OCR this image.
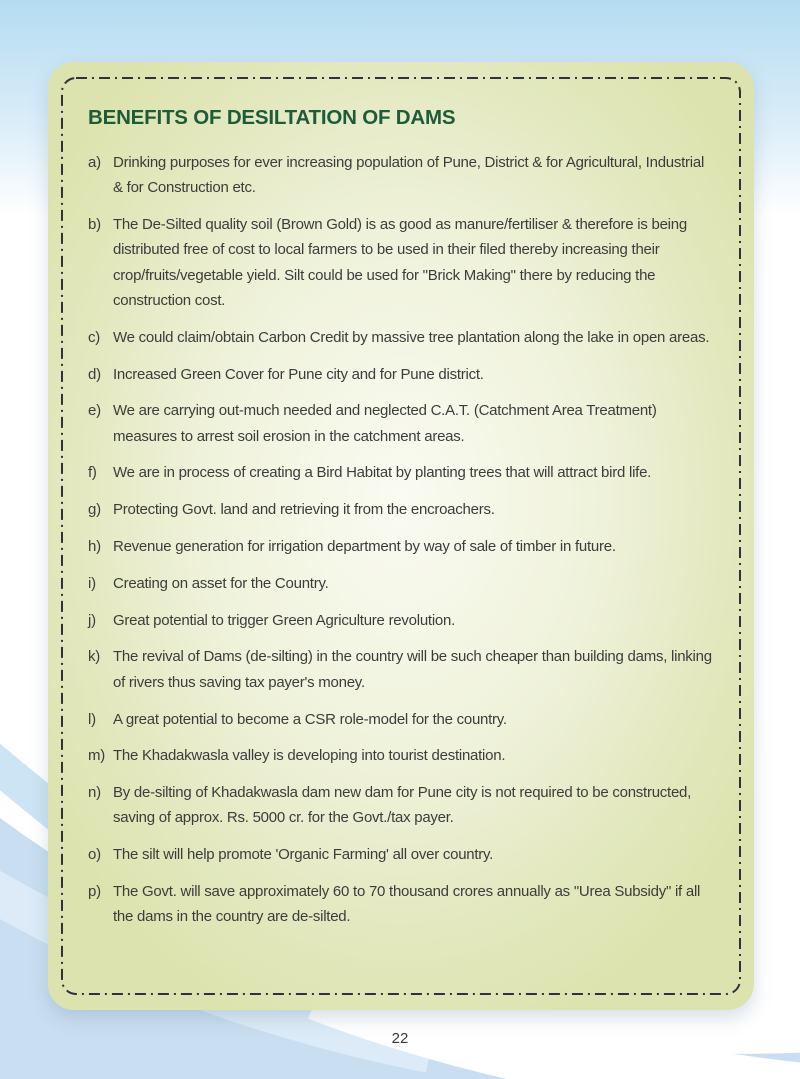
BENEFITS OF DESILTATION OF DAMS
a) Drinking purposes for ever increasing population of Pune, District & for Agricultural, Industrial & for Construction etc.
b) The De-Silted quality soil (Brown Gold) is as good as manure/fertiliser & therefore is being distributed free of cost to local farmers to be used in their filed thereby increasing their crop/fruits/vegetable yield. Silt could be used for "Brick Making" there by reducing the construction cost.
c) We could claim/obtain Carbon Credit by massive tree plantation along the lake in open areas.
d) Increased Green Cover for Pune city and for Pune district.
e) We are carrying out-much needed and neglected C.A.T. (Catchment Area Treatment) measures to arrest soil erosion in the catchment areas.
f)	We are in process of creating a Bird Habitat by planting trees that will attract bird life.
g) Protecting Govt. land and retrieving it from the encroachers.
h) Revenue generation for irrigation department by way of sale of timber in future.
i)	Creating on asset for the Country.
j)	Great potential to trigger Green Agriculture revolution.
k) The revival of Dams (de-silting) in the country will be such cheaper than building dams, linking of rivers thus saving tax payer's money.
l)	A great potential to become a CSR role-model for the country.
m) The Khadakwasla valley is developing into tourist destination.
n) By de-silting of Khadakwasla dam new dam for Pune city is not required to be constructed, saving of approx. Rs. 5000 cr. for the Govt./tax payer.
o) The silt will help promote 'Organic Farming' all over country.
p) The Govt. will save approximately 60 to 70 thousand crores annually as "Urea Subsidy" if all the dams in the country are de-silted.
22
